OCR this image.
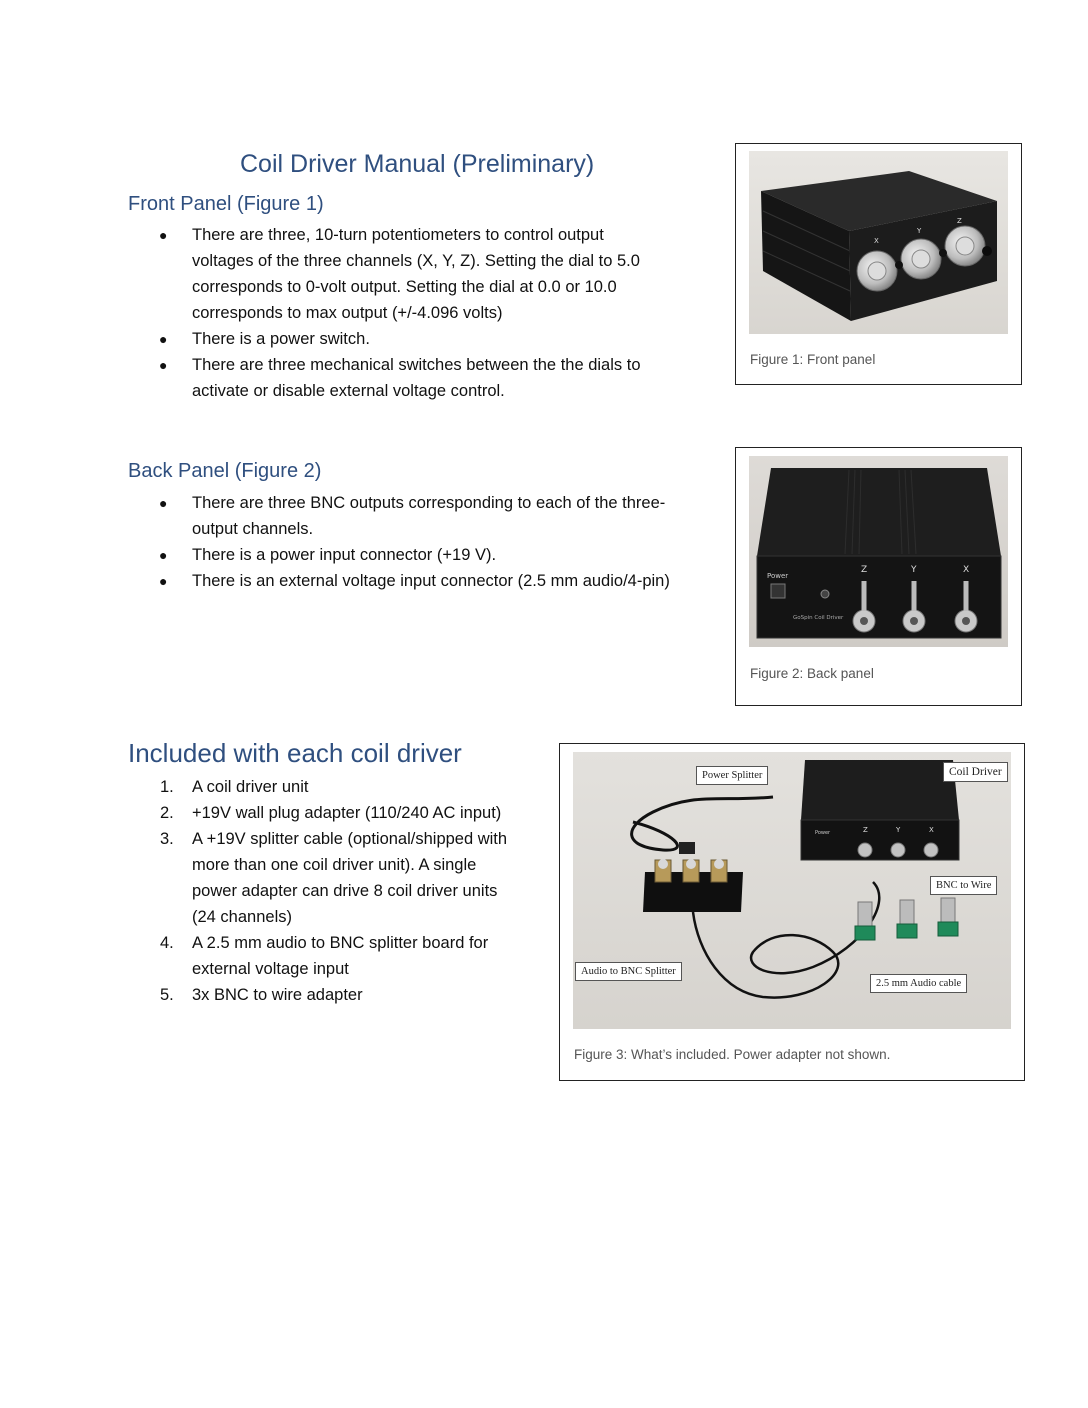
Coil Driver Manual (Preliminary)
Front Panel (Figure 1)
● There are three, 10-turn potentiometers to control output
voltages of the three channels (X, Y, Z). Setting the dial to 5.0
corresponds to 0-volt output. Setting the dial at 0.0 or 10.0
corresponds to max output (+/-4.096 volts)
● There is a power switch.
● There are three mechanical switches between the the dials to
activate or disable external voltage control.
X
Y
Z
Figure 1: Front panel
Back Panel (Figure 2)
● There are three BNC outputs corresponding to each of the three-
output channels.
● There is a power input connector (+19 V).
● There is an external voltage input connector (2.5 mm audio/4-pin)	Power
Z	Y	X
GoSpin Coil Driver
Figure 2: Back panel
Included with each coil driver
1. A coil driver unit
2. +19V wall plug adapter (110/240 AC input)
3. A +19V splitter cable (optional/shipped with
more than one coil driver unit). A single
power adapter can drive 8 coil driver units
(24 channels)
4. A 2.5 mm audio to BNC splitter board for
external voltage input
5. 3x BNC to wire adapter
Power	Z	Y	X
Power Splitter	Coil Driver
BNC to Wire
Audio to BNC Splitter
2.5 mm Audio cable
Figure 3: What’s included. Power adapter not shown.
